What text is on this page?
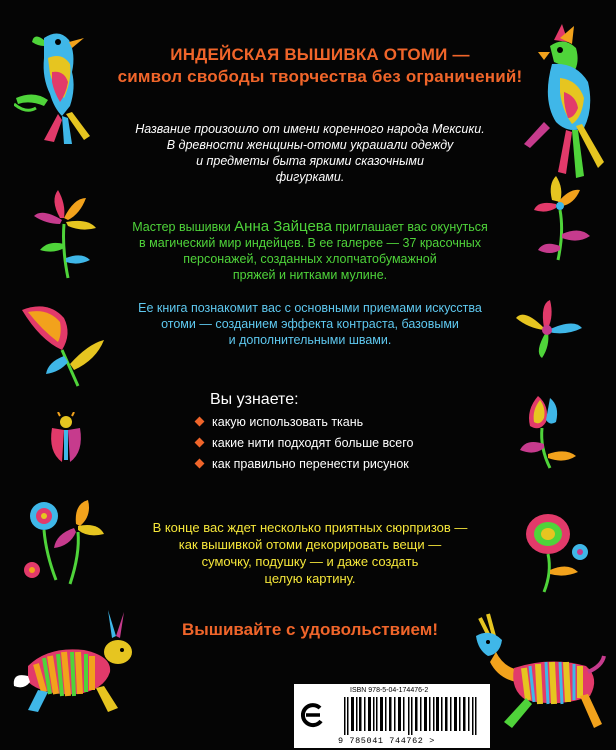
ИНДЕЙСКАЯ ВЫШИВКА ОТОМИ —
символ свободы творчества без ограничений!
Название произошло от имени коренного народа Мексики.
В древности женщины-отоми украшали одежду
и предметы быта яркими сказочными
фигурками.
Мастер вышивки Анна Зайцева приглашает вас окунуться
в магический мир индейцев. В ее галерее — 37 красочных
персонажей, созданных хлопчатобумажной
пряжей и нитками мулине.
Ее книга познакомит вас с основными приемами искусства
отоми — созданием эффекта контраста, базовыми
и дополнительными швами.
Вы узнаете:
какую использовать ткань
какие нити подходят больше всего
как правильно перенести рисунок
В конце вас ждет несколько приятных сюрпризов —
как вышивкой отоми декорировать вещи —
сумочку, подушку — и даже создать
целую картину.
Вышивайте с удовольствием!
ISBN 978-5-04-174476-2
9 785041 744762 >
